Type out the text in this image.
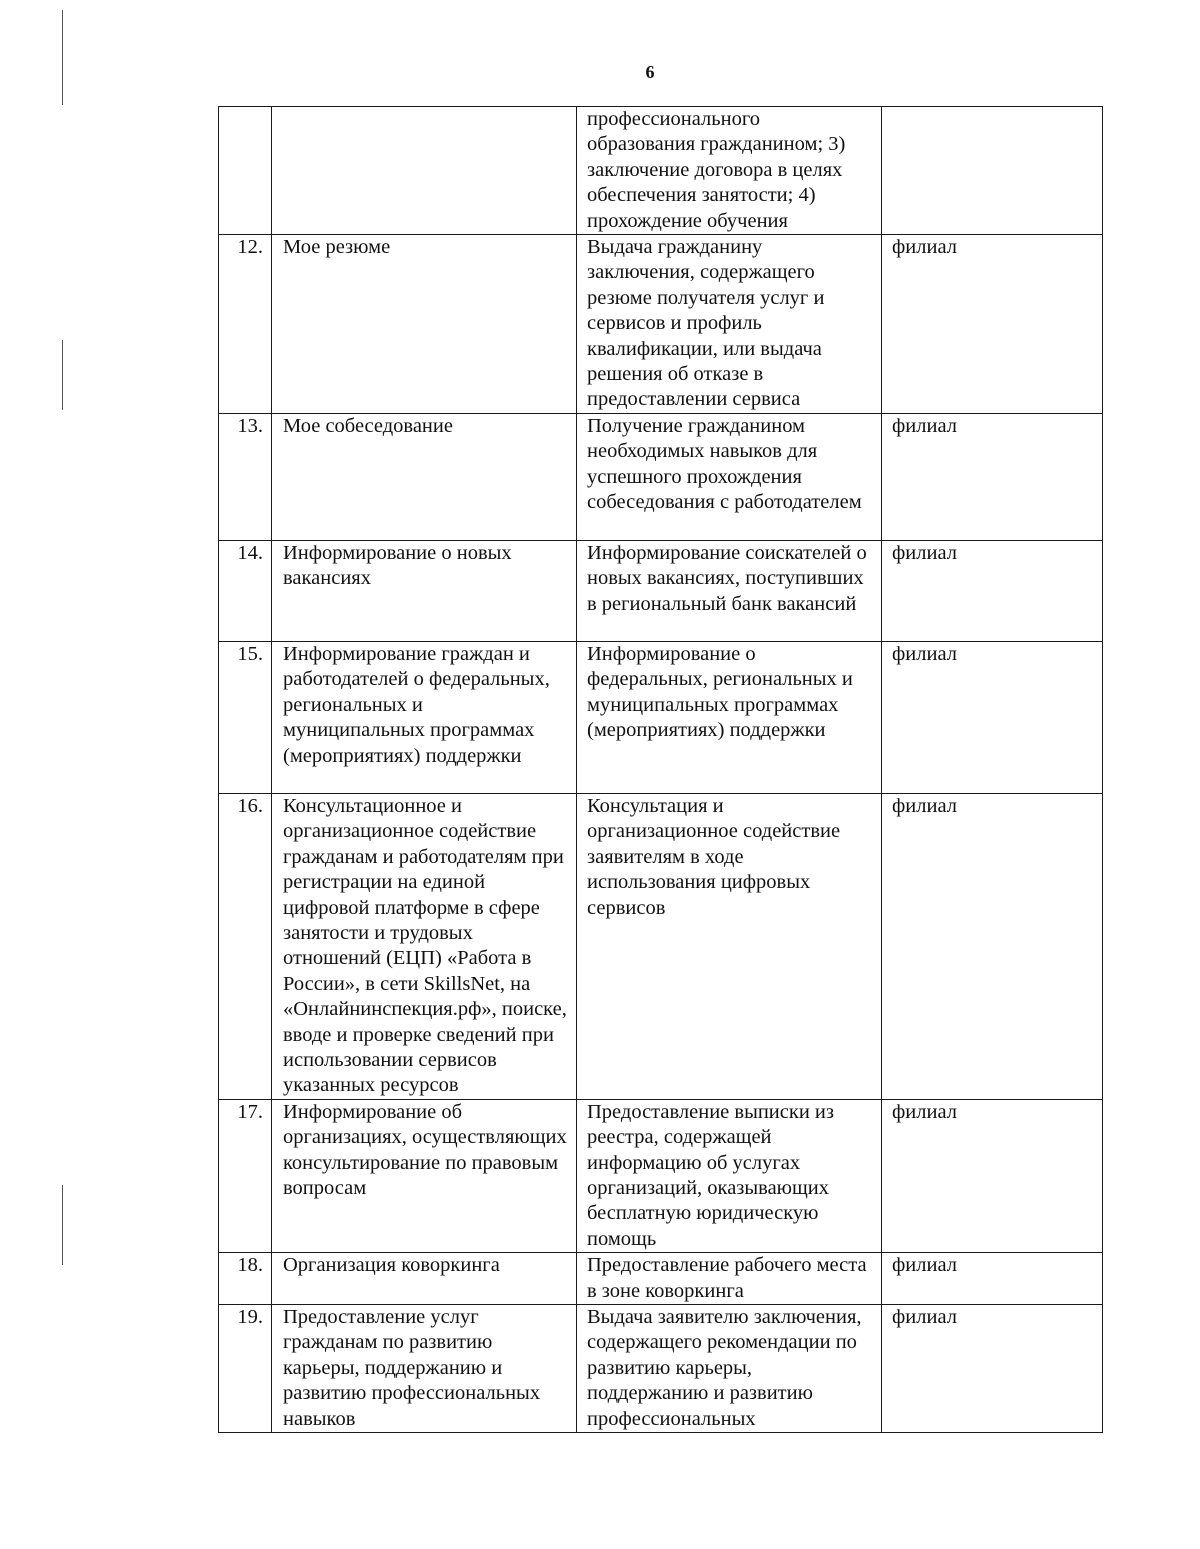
6
		профессионального образования гражданином; 3) заключение договора в целях обеспечения занятости; 4) прохождение обучения	
12.	Мое резюме	Выдача гражданину заключения, содержащего резюме получателя услуг и сервисов и профиль квалификации, или выдача решения об отказе в предоставлении сервиса	филиал
13.	Мое собеседование	Получение гражданином необходимых навыков для успешного прохождения собеседования с работодателем	филиал
14.	Информирование о новых вакансиях	Информирование соискателей о новых вакансиях, поступивших в региональный банк вакансий	филиал
15.	Информирование граждан и работодателей о федеральных, региональных и муниципальных программах (мероприятиях) поддержки	Информирование о федеральных, региональных и муниципальных программах (мероприятиях) поддержки	филиал
16.	Консультационное и организационное содействие гражданам и работодателям при регистрации на единой цифровой платформе в сфере занятости и трудовых отношений (ЕЦП) «Работа в России», в сети SkillsNet, на «Онлайнинспекция.рф», поиске, вводе и проверке сведений при использовании сервисов указанных ресурсов	Консультация и организационное содействие заявителям в ходе использования цифровых сервисов	филиал
17.	Информирование об организациях, осуществляющих консультирование по правовым вопросам	Предоставление выписки из реестра, содержащей информацию об услугах организаций, оказывающих бесплатную юридическую помощь	филиал
18.	Организация коворкинга	Предоставление рабочего места в зоне коворкинга	филиал
19.	Предоставление услуг гражданам по развитию карьеры, поддержанию и развитию профессиональных навыков	Выдача заявителю заключения, содержащего рекомендации по развитию карьеры, поддержанию и развитию профессиональных	филиал
